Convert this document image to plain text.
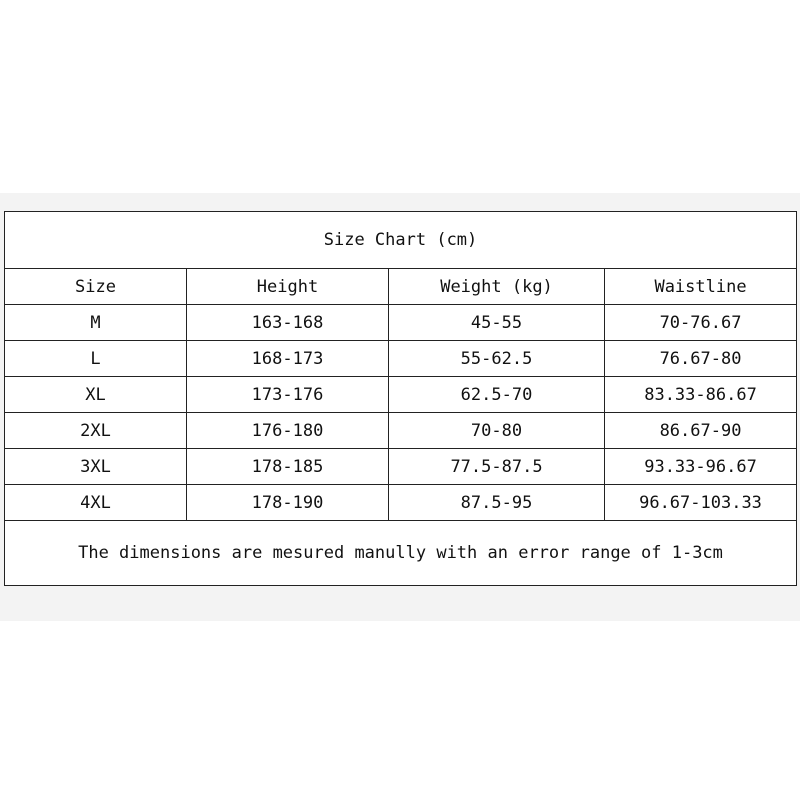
Size Chart (cm)			
Size	Height	Weight (kg)	Waistline
M	163-168	45-55	70-76.67
L	168-173	55-62.5	76.67-80
XL	173-176	62.5-70	83.33-86.67
2XL	176-180	70-80	86.67-90
3XL	178-185	77.5-87.5	93.33-96.67
4XL	178-190	87.5-95	96.67-103.33
The dimensions are mesured manully with an error range of 1-3cm			
